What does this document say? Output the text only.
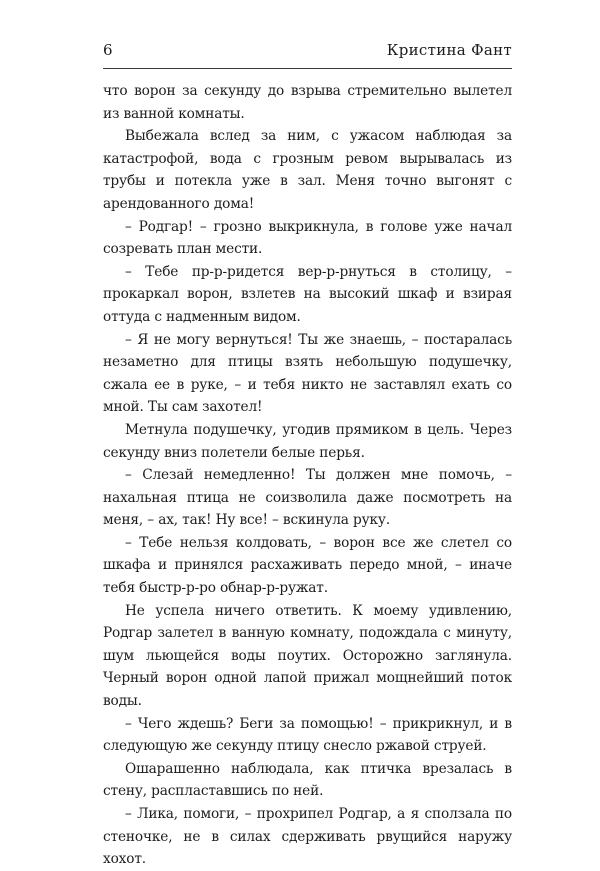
6	Кристина Фант

что ворон за секунду до взрыва стремительно вылетел из ванной комнаты.

Выбежала вслед за ним, с ужасом наблюдая за катастрофой, вода с грозным ревом вырывалась из трубы и потекла уже в зал. Меня точно выгонят с арендованного дома!

– Родгар! – грозно выкрикнула, в голове уже начал созревать план мести.

– Тебе пр-р-ридется вер-р-рнуться в столицу, – прокаркал ворон, взлетев на высокий шкаф и взирая оттуда с надменным видом.

– Я не могу вернуться! Ты же знаешь, – постаралась незаметно для птицы взять небольшую подушечку, сжала ее в руке, – и тебя никто не заставлял ехать со мной. Ты сам захотел!

Метнула подушечку, угодив прямиком в цель. Через секунду вниз полетели белые перья.

– Слезай немедленно! Ты должен мне помочь, – нахальная птица не соизволила даже посмотреть на меня, – ах, так! Ну все! – вскинула руку.

– Тебе нельзя колдовать, – ворон все же слетел со шкафа и принялся расхаживать передо мной, – иначе тебя быстр-р-ро обнар-р-ружат.

Не успела ничего ответить. К моему удивлению, Родгар залетел в ванную комнату, подождала с минуту, шум льющейся воды поутих. Осторожно заглянула. Черный ворон одной лапой прижал мощнейший поток воды.

– Чего ждешь? Беги за помощью! – прикрикнул, и в следующую же секунду птицу снесло ржавой струей.

Ошарашенно наблюдала, как птичка врезалась в стену, распластавшись по ней.

– Лика, помоги, – прохрипел Родгар, а я сползала по стеночке, не в силах сдерживать рвущийся наружу хохот.
